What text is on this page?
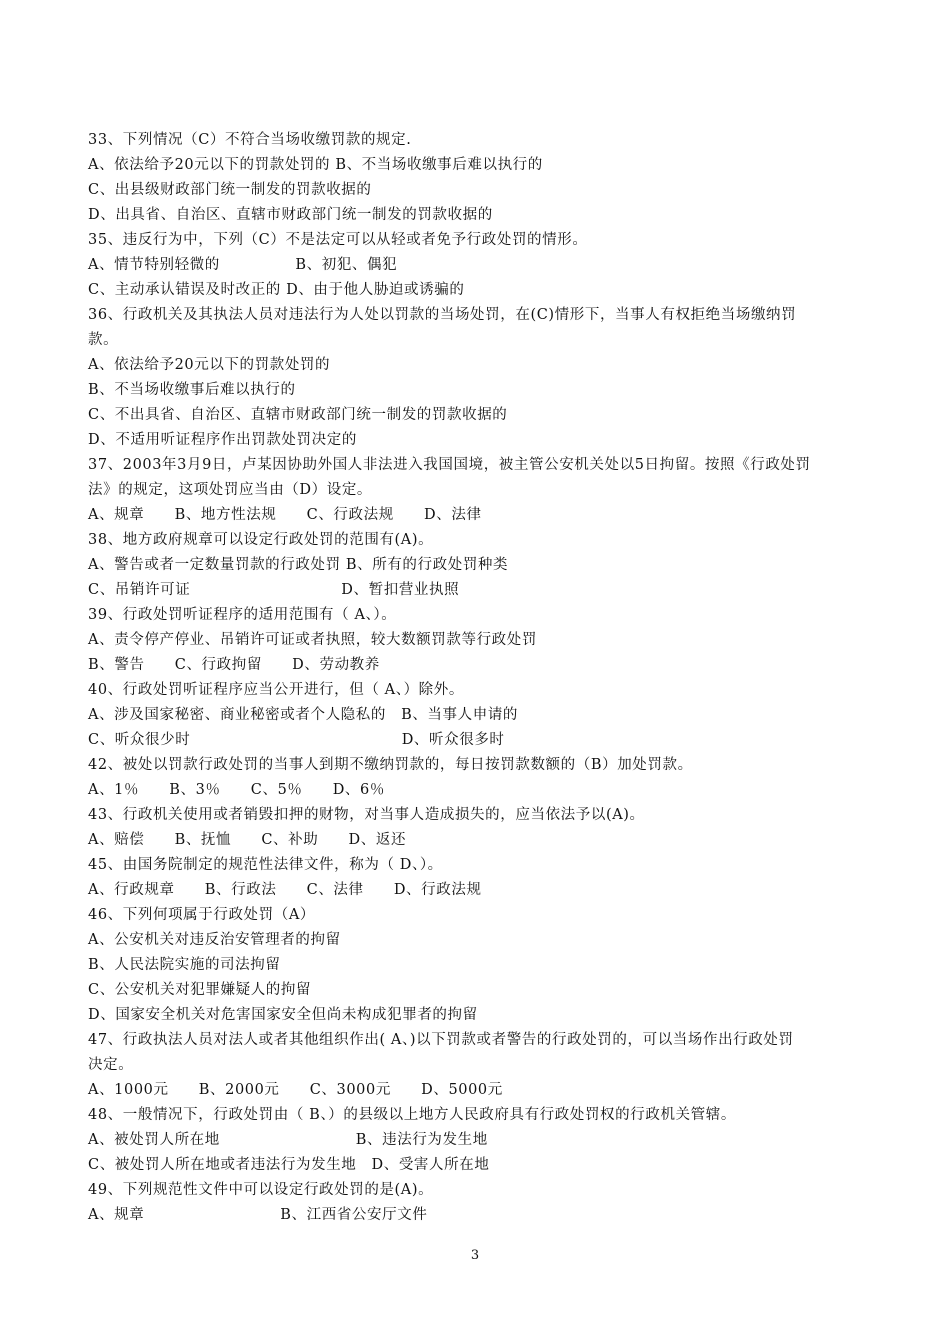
33、下列情况（C）不符合当场收缴罚款的规定.
A、依法给予20元以下的罚款处罚的 B、不当场收缴事后难以执行的
C、出县级财政部门统一制发的罚款收据的
D、出具省、自治区、直辖市财政部门统一制发的罚款收据的
35、违反行为中，下列（C）不是法定可以从轻或者免予行政处罚的情形。
A、情节特别轻微的　　　　　B、初犯、偶犯
C、主动承认错误及时改正的 D、由于他人胁迫或诱骗的
36、行政机关及其执法人员对违法行为人处以罚款的当场处罚，在(C)情形下，当事人有权拒绝当场缴纳罚
款。
A、依法给予20元以下的罚款处罚的
B、不当场收缴事后难以执行的
C、不出具省、自治区、直辖市财政部门统一制发的罚款收据的
D、不适用听证程序作出罚款处罚决定的
37、2003年3月9日，卢某因协助外国人非法进入我国国境，被主管公安机关处以5日拘留。按照《行政处罚
法》的规定，这项处罚应当由（D）设定。
A、规章　　B、地方性法规　　C、行政法规　　D、法律
38、地方政府规章可以设定行政处罚的范围有(A)。
A、警告或者一定数量罚款的行政处罚 B、所有的行政处罚种类
C、吊销许可证　　　　　　　　　　D、暂扣营业执照
39、行政处罚听证程序的适用范围有（ A、）。
A、责令停产停业、吊销许可证或者执照，较大数额罚款等行政处罚
B、警告　　C、行政拘留　　D、劳动教养
40、行政处罚听证程序应当公开进行，但（ A、）除外。
A、涉及国家秘密、商业秘密或者个人隐私的　B、当事人申请的
C、听众很少时　　　　　　　　　　　　　　D、听众很多时
42、被处以罚款行政处罚的当事人到期不缴纳罚款的，每日按罚款数额的（B）加处罚款。
A、1％　　B、3％　　C、5％　　D、6％
43、行政机关使用或者销毁扣押的财物，对当事人造成损失的，应当依法予以(A)。
A、赔偿　　B、抚恤　　C、补助　　D、返还
45、由国务院制定的规范性法律文件，称为（ D、）。
A、行政规章　　B、行政法　　C、法律　　D、行政法规
46、下列何项属于行政处罚（A）
A、公安机关对违反治安管理者的拘留
B、人民法院实施的司法拘留
C、公安机关对犯罪嫌疑人的拘留
D、国家安全机关对危害国家安全但尚未构成犯罪者的拘留
47、行政执法人员对法人或者其他组织作出( A、)以下罚款或者警告的行政处罚的，可以当场作出行政处罚
决定。
A、1000元　　B、2000元　　C、3000元　　D、5000元
48、一般情况下，行政处罚由（ B、）的县级以上地方人民政府具有行政处罚权的行政机关管辖。
A、被处罚人所在地　　　　　　　　　B、违法行为发生地
C、被处罚人所在地或者违法行为发生地　D、受害人所在地
49、下列规范性文件中可以设定行政处罚的是(A)。
A、规章　　　　　　　　　B、江西省公安厅文件
3
